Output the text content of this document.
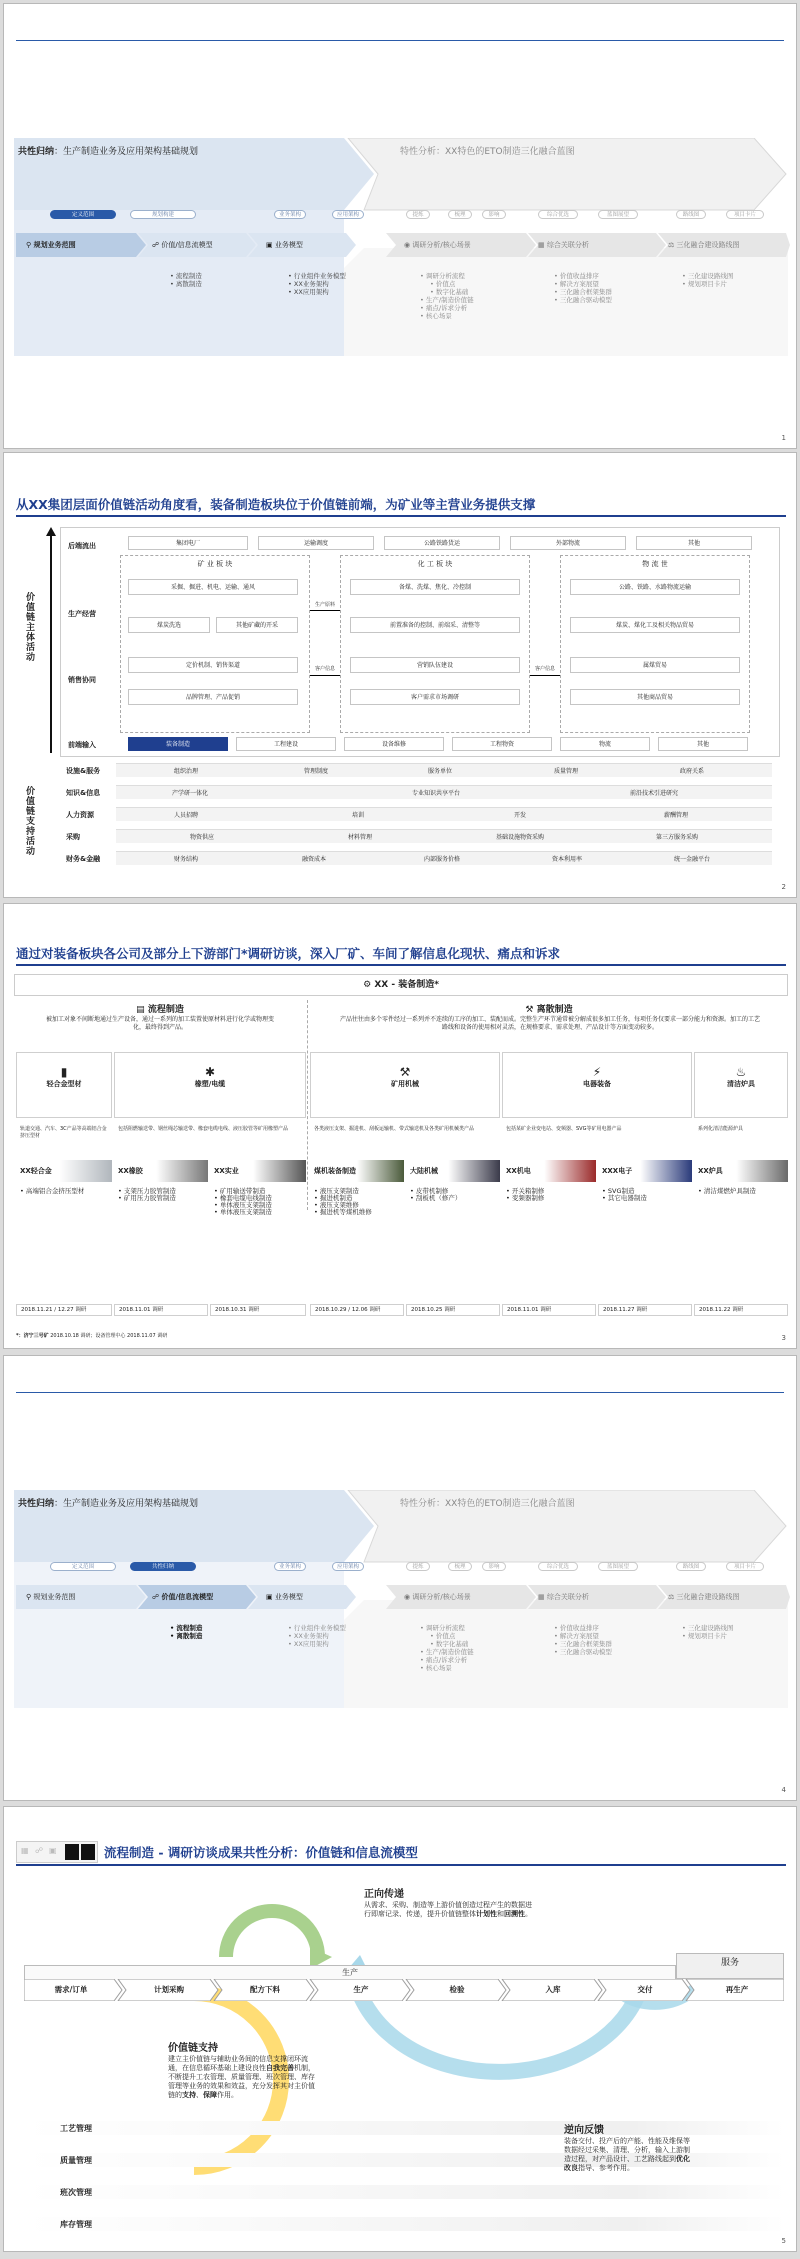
共性归纳：生产制造业务及应用架构基础规划	特性分析：XX特色的ETO制造三化融合蓝图
定义范围	规划构建	业务架构	应用架构	提炼	梳理	影响	综合优选	蓝图展望	路线图	项目卡片
⚲ 规划业务范围	☍ 价值/信息流模型	▣ 业务模型	◉ 调研分析/核心场景	▦ 综合关联分析	⚖ 三化融合建设路线图
• 流程制造
• 离散制造
• 行业组件业务模型
• XX业务架构
• XX应用架构
• 调研分析流程
• 价值点
• 数字化基础
• 生产/制造价值链
• 痛点/诉求分析
• 核心场景
• 价值收益排序
• 解决方案展望
• 三化融合框架集群
• 三化融合驱动模型
• 三化建设路线图
• 规划项目卡片
1
从XX集团层面价值链活动角度看，装备制造板块位于价值链前端，为矿业等主营业务提供支撑
价值链主体活动
价值链支持活动
后端流出	集团电厂	运输调度	公路铁路货运	外部物流	其他
矿 业 板 块	化 工 板 块	物 流 世
生产经营
采掘、掘进、机电、运输、通风
煤炭洗选	其他矿藏的开采
生产原料
备煤、洗煤、焦化、冷控制
前置准备的控制、前端采、清整等
公路、铁路、水路物流运输
煤炭、煤化工及相关物品贸易
销售协同
定价机制、销售渠道
品牌管理、产品促销
客户信息	营销队伍建设
客户需求市场调研
客户信息	属煤贸易
其他商品贸易
前端输入	装备制造	工程建设	设备维修	工程物资	物流	其他
设施&服务
知识&信息
人力资源
采购
财务&金融
组织治理	管理制度	服务单位	质量管理	政府关系
产学研一体化	专业知识共享平台	前沿技术引进研究
人员招聘	培训	开发	薪酬管理
物资供应	材料管理	基础设施物资采购	第三方服务采购
财务结构	融资成本	内部服务价格	资本利用率	统一金融平台
2
通过对装备板块各公司及部分上下游部门*调研访谈，深入厂矿、车间了解信息化现状、痛点和诉求
⚙ XX - 装备制造*
▤ 流程制造
被加工对象不间断地通过生产设备，通过一系列的加工装置使原材料进行化学或物理变化，最终得到产品。
⚒ 离散制造
产品往往由多个零件经过一系列并不连续的工序的加工、装配而成。完整生产环节通常被分解成很多加工任务，每项任务仅要求一部分能力和资源。加工的工艺路线和设备的使用相对灵活，在规格要求、需求处理、产品设计等方面变动较多。
▮
轻合金型材
✱
橡塑/电缆
⚒
矿用机械
⚡
电器装备
♨
清洁炉具
轨道交通、汽车、3C产品等高端铝合金挤压型材
包括阻燃输送带、钢丝绳芯输送带、橡套电缆电线、液压胶管等矿用橡塑产品	各类液压支架、掘进机、刮板运输机、带式输送机及各类矿用机械类产品	包括某矿企业变电站、变频器、SVG等矿用电器产品	系列化清洁能源炉具
XX轻合金	XX橡胶	XX实业	煤机装备制造	大陆机械	XX机电	XXX电子	XX炉具
• 高端铝合金挤压型材
•	支架压力胶管制造
• 矿用压力胶管制造
• 矿用输送带制造
• 橡套电缆电线制造
• 单体液压支架制造
• 单体液压支架制造
• 液压支架制造
• 掘进机制造
• 液压支架维修
• 掘进机等煤机维修
• 皮带机制修
• 刮板机（修产）
• 开关箱制修
• 变频器制修
• SVG制造
• 其它电器制造
• 清洁煤燃炉具制造
2018.11.21 / 12.27 调研	2018.11.01 调研	2018.10.31 调研	2018.10.29 / 12.06 调研	2018.10.25 调研	2018.11.01 调研	2018.11.27 调研	2018.11.22 调研
*：济宁三号矿 2018.10.18 调研；设备管理中心 2018.11.07 调研	3
共性归纳：生产制造业务及应用架构基础规划	特性分析：XX特色的ETO制造三化融合蓝图
定义范围	共性归纳	业务架构	应用架构	提炼	梳理	影响	综合优选	蓝图展望	路线图	项目卡片
⚲ 规划业务范围	☍ 价值/信息流模型	▣ 业务模型	◉ 调研分析/核心场景	▦ 综合关联分析	⚖ 三化融合建设路线图
• 流程制造
• 离散制造
• 行业组件业务模型
• XX业务架构
• XX应用架构
• 调研分析流程
• 价值点
• 数字化基础
• 生产/制造价值链
• 痛点/诉求分析
• 核心场景
• 价值收益排序
• 解决方案展望
• 三化融合框架集群
• 三化融合驱动模型
• 三化建设路线图
• 规划项目卡片
4
▦ ☍ ▣	流程制造 - 调研访谈成果共性分析：价值链和信息流模型
正向传递
从需求、采购、制造等上游价值创造过程产生的数据进行即席记录、传递，提升价值链整体计划性和回溯性。
生产
服务
需求/订单	计划采购	配方下料	生产	检验	入库	交付	再生产
价值链支持
建立主价值链与辅助业务间的信息支撑闭环流通，在信息循环基础上建设良性自我完善机制，不断提升工农管理、质量管理、班次管理、库存管理等业务的效果和效益，充分发挥其对主价值链的支持、保障作用。
工艺管理
质量管理
班次管理
库存管理
逆向反馈
装备交付、投产后的产能、性能及维保等数据经过采集、清理、分析，输入上游制造过程，对产品设计、工艺路线起到优化改良指导、参考作用。
5
